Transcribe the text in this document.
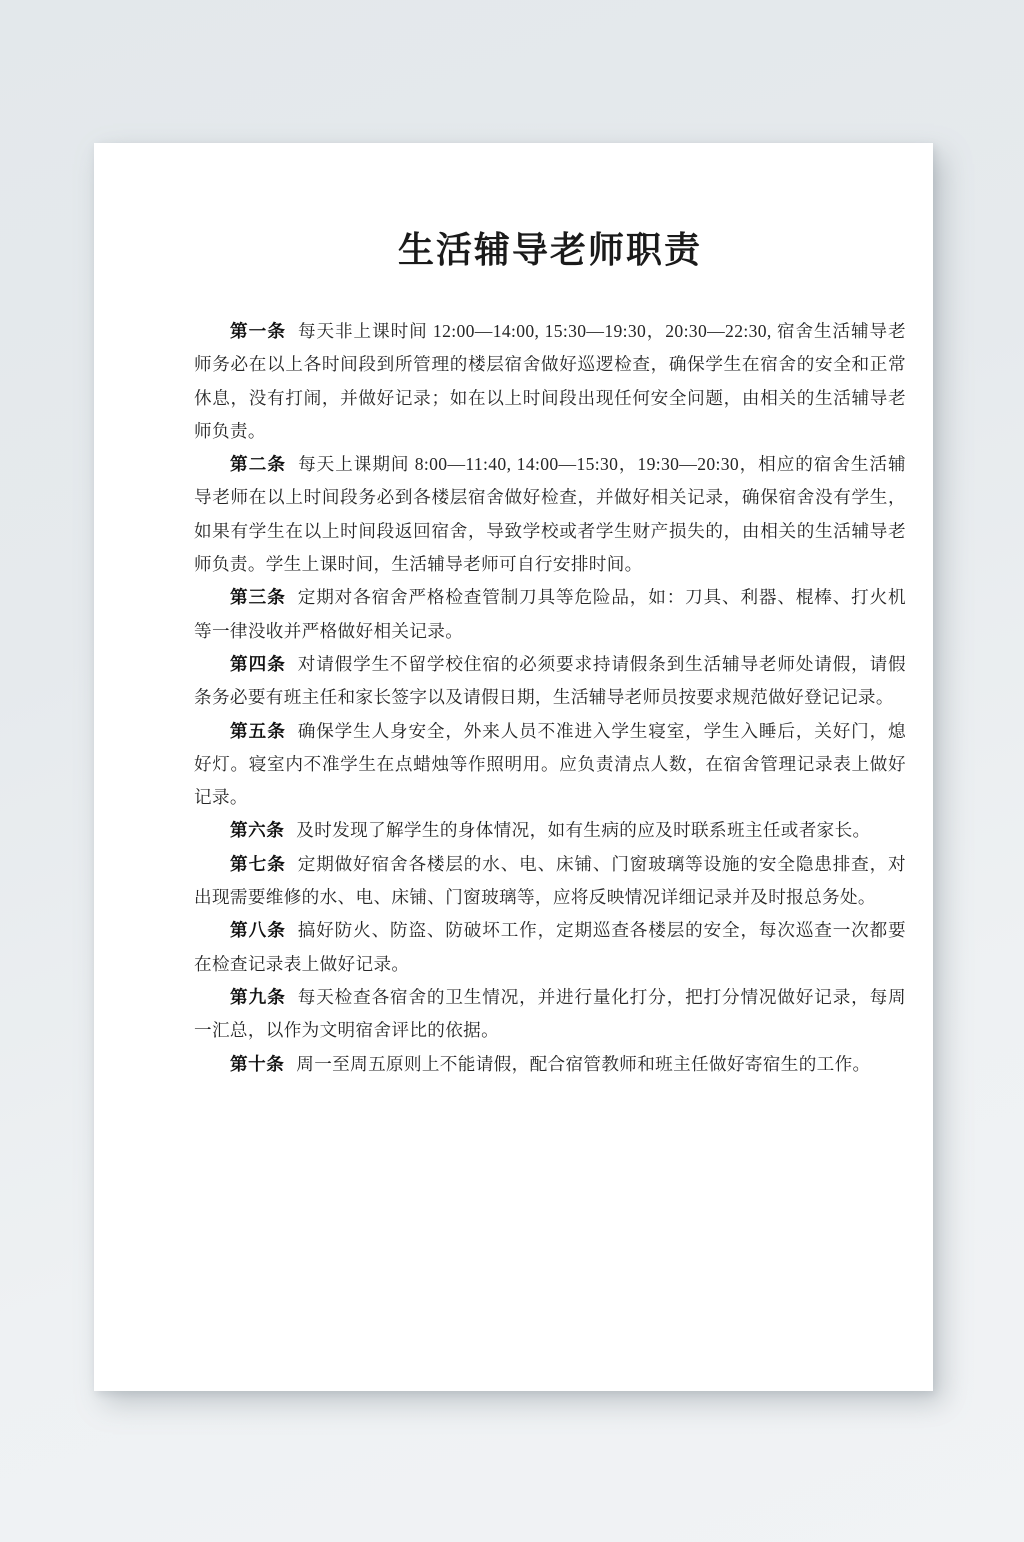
生活辅导老师职责

第一条 每天非上课时间 12:00—14:00, 15:30—19:30，20:30—22:30, 宿舍生活辅导老师务必在以上各时间段到所管理的楼层宿舍做好巡逻检查，确保学生在宿舍的安全和正常休息，没有打闹，并做好记录；如在以上时间段出现任何安全问题，由相关的生活辅导老师负责。

第二条 每天上课期间 8:00—11:40, 14:00—15:30，19:30—20:30，相应的宿舍生活辅导老师在以上时间段务必到各楼层宿舍做好检查，并做好相关记录，确保宿舍没有学生，如果有学生在以上时间段返回宿舍，导致学校或者学生财产损失的，由相关的生活辅导老师负责。学生上课时间，生活辅导老师可自行安排时间。

第三条 定期对各宿舍严格检查管制刀具等危险品，如：刀具、利器、棍棒、打火机等一律没收并严格做好相关记录。

第四条 对请假学生不留学校住宿的必须要求持请假条到生活辅导老师处请假，请假条务必要有班主任和家长签字以及请假日期，生活辅导老师员按要求规范做好登记记录。

第五条 确保学生人身安全，外来人员不准进入学生寝室，学生入睡后，关好门，熄好灯。寝室内不准学生在点蜡烛等作照明用。应负责清点人数，在宿舍管理记录表上做好记录。

第六条 及时发现了解学生的身体情况，如有生病的应及时联系班主任或者家长。

第七条 定期做好宿舍各楼层的水、电、床铺、门窗玻璃等设施的安全隐患排查，对出现需要维修的水、电、床铺、门窗玻璃等，应将反映情况详细记录并及时报总务处。

第八条 搞好防火、防盗、防破坏工作，定期巡查各楼层的安全，每次巡查一次都要在检查记录表上做好记录。

第九条 每天检查各宿舍的卫生情况，并进行量化打分，把打分情况做好记录，每周一汇总，以作为文明宿舍评比的依据。

第十条 周一至周五原则上不能请假，配合宿管教师和班主任做好寄宿生的工作。
